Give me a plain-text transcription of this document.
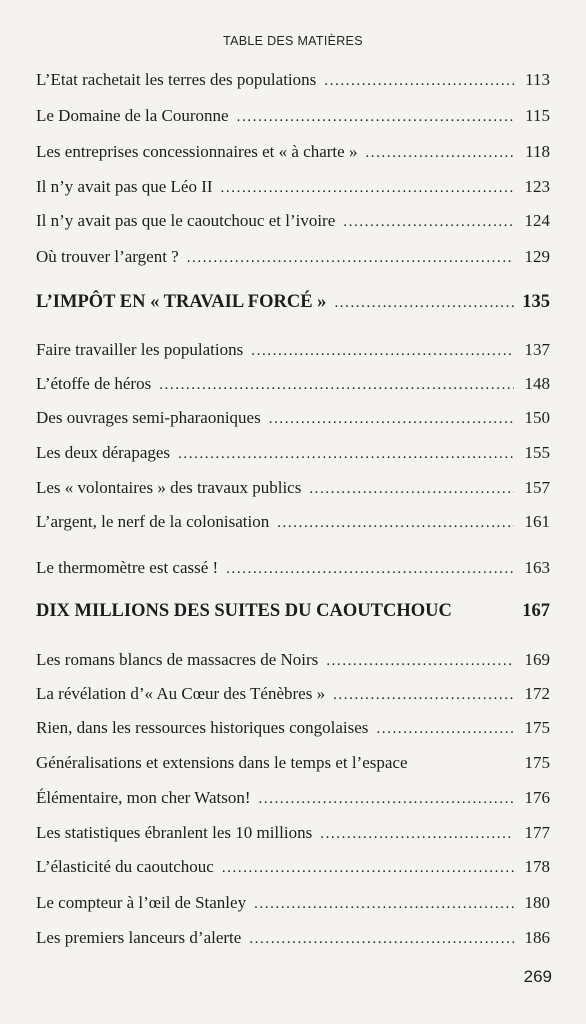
TABLE DES MATIÈRES
L’Etat rachetait les terres des populations .....	113
Le Domaine de la Couronne .....	115
Les entreprises concessionnaires et « à charte » .....	118
Il n’y avait pas que Léo II .....	123
Il n’y avait pas que le caoutchouc et l’ivoire .....	124
Où trouver l’argent ? .....	129
L’IMPÔT EN « TRAVAIL FORCÉ » .....	135
Faire travailler les populations .....	137
L’étoffe de héros .....	148
Des ouvrages semi-pharaoniques .....	150
Les deux dérapages .....	155
Les « volontaires » des travaux publics .....	157
L’argent, le nerf de la colonisation .....	161
Le thermomètre est cassé ! .....	163
DIX MILLIONS DES SUITES DU CAOUTCHOUC	167
Les romans blancs de massacres de Noirs .....	169
La révélation d’« Au Cœur des Ténèbres » .....	172
Rien, dans les ressources historiques congolaises .....	175
Généralisations et extensions dans le temps et l’espace	175
Élémentaire, mon cher Watson! .....	176
Les statistiques ébranlent les 10 millions .....	177
L’élasticité du caoutchouc .....	178
Le compteur à l’œil de Stanley .....	180
Les premiers lanceurs d’alerte .....	186
269
